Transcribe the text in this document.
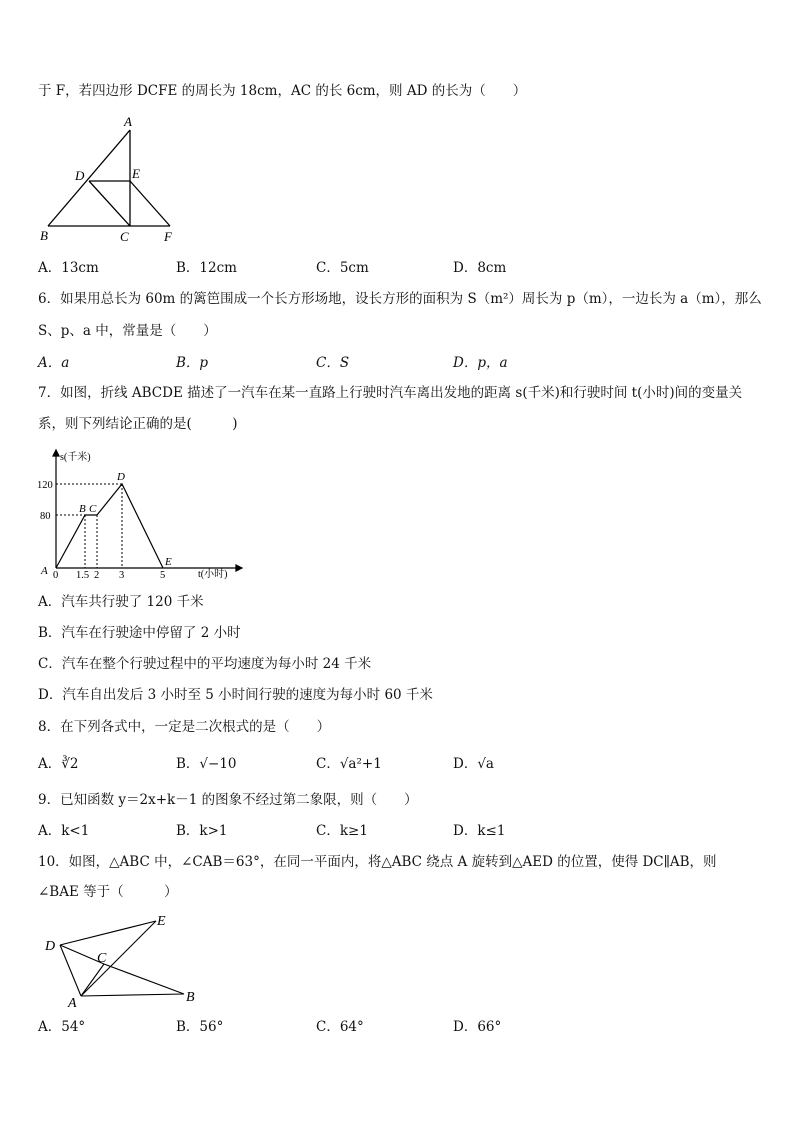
于 F，若四边形 DCFE 的周长为 18cm，AC 的长 6cm，则 AD 的长为（　　）
A
D	E
B	C	F
A．13cm	B．12cm	C．5cm	D．8cm
6．如果用总长为 60m 的篱笆围成一个长方形场地，设长方形的面积为 S（m²）周长为 p（m），一边长为 a（m），那么
S、p、a 中，常量是（　　）
A．a	B．p	C．S	D．p，a
7．如图，折线 ABCDE 描述了一汽车在某一直路上行驶时汽车离出发地的距离 s(千米)和行驶时间 t(小时)间的变量关
系，则下列结论正确的是(　　　)
s(千米)
t(小时)
120
80
0 1.5 2 3	5
A
B C
D
E
A．汽车共行驶了 120 千米
B．汽车在行驶途中停留了 2 小时
C．汽车在整个行驶过程中的平均速度为每小时 24 千米
D．汽车自出发后 3 小时至 5 小时间行驶的速度为每小时 60 千米
8．在下列各式中，一定是二次根式的是（　　）
A．∛2	B．√−10	C．√a²+1	D．√a
9．已知函数 y＝2x+k－1 的图象不经过第二象限，则（　　）
A．k<1	B．k>1	C．k≥1	D．k≤1
10．如图，△ABC 中，∠CAB＝63°，在同一平面内，将△ABC 绕点 A 旋转到△AED 的位置，使得 DC∥AB，则
∠BAE 等于（　　　）
D
E
C
A	B
A．54°	B．56°	C．64°	D．66°
